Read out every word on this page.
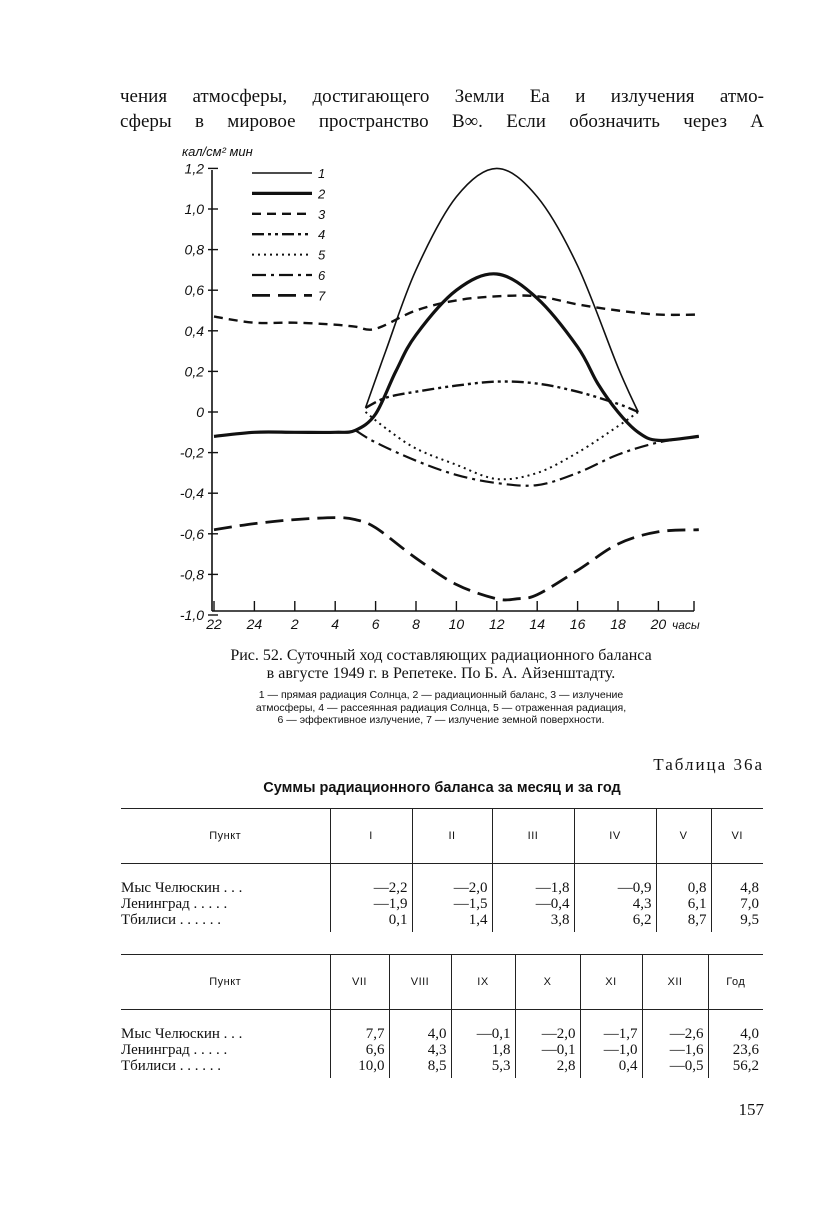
чения атмосферы, достигающего Земли Eа и излучения атмо-
сферы в мировое пространство B∞. Если обозначить через A
1,2
1,0
0,8
0,6
0,4
0,2
0
-0,2
-0,4
-0,6
-0,8
-1,0
кал/см² мин
22 24 2 4 6 8 10 12 14 16 18 20 часы
1
2
3
4
5
6
7
Рис. 52. Суточный ход составляющих радиационного баланса
в августе 1949 г. в Репетеке. По Б. А. Айзенштадту.
1 — прямая радиация Солнца, 2 — радиационный баланс, 3 — излучение
атмосферы, 4 — рассеянная радиация Солнца, 5 — отраженная радиация,
6 — эффективное излучение, 7 — излучение земной поверхности.
Таблица 36а
Суммы радиационного баланса за месяц и за год
Пункт	I	II	III	IV	V	VI
Мыс Челюскин . . .	—2,2	—2,0	—1,8	—0,9	0,8	4,8
Ленинград . . . . .	—1,9	—1,5	—0,4	4,3	6,1	7,0
Тбилиси . . . . . .	0,1	1,4	3,8	6,2	8,7	9,5
Пункт	VII	VIII	IX	X	XI	XII	Год
Мыс Челюскин . . .	7,7	4,0	—0,1	—2,0	—1,7	—2,6	4,0
Ленинград . . . . .	6,6	4,3	1,8	—0,1	—1,0	—1,6	23,6
Тбилиси . . . . . .	10,0	8,5	5,3	2,8	0,4	—0,5	56,2
157
